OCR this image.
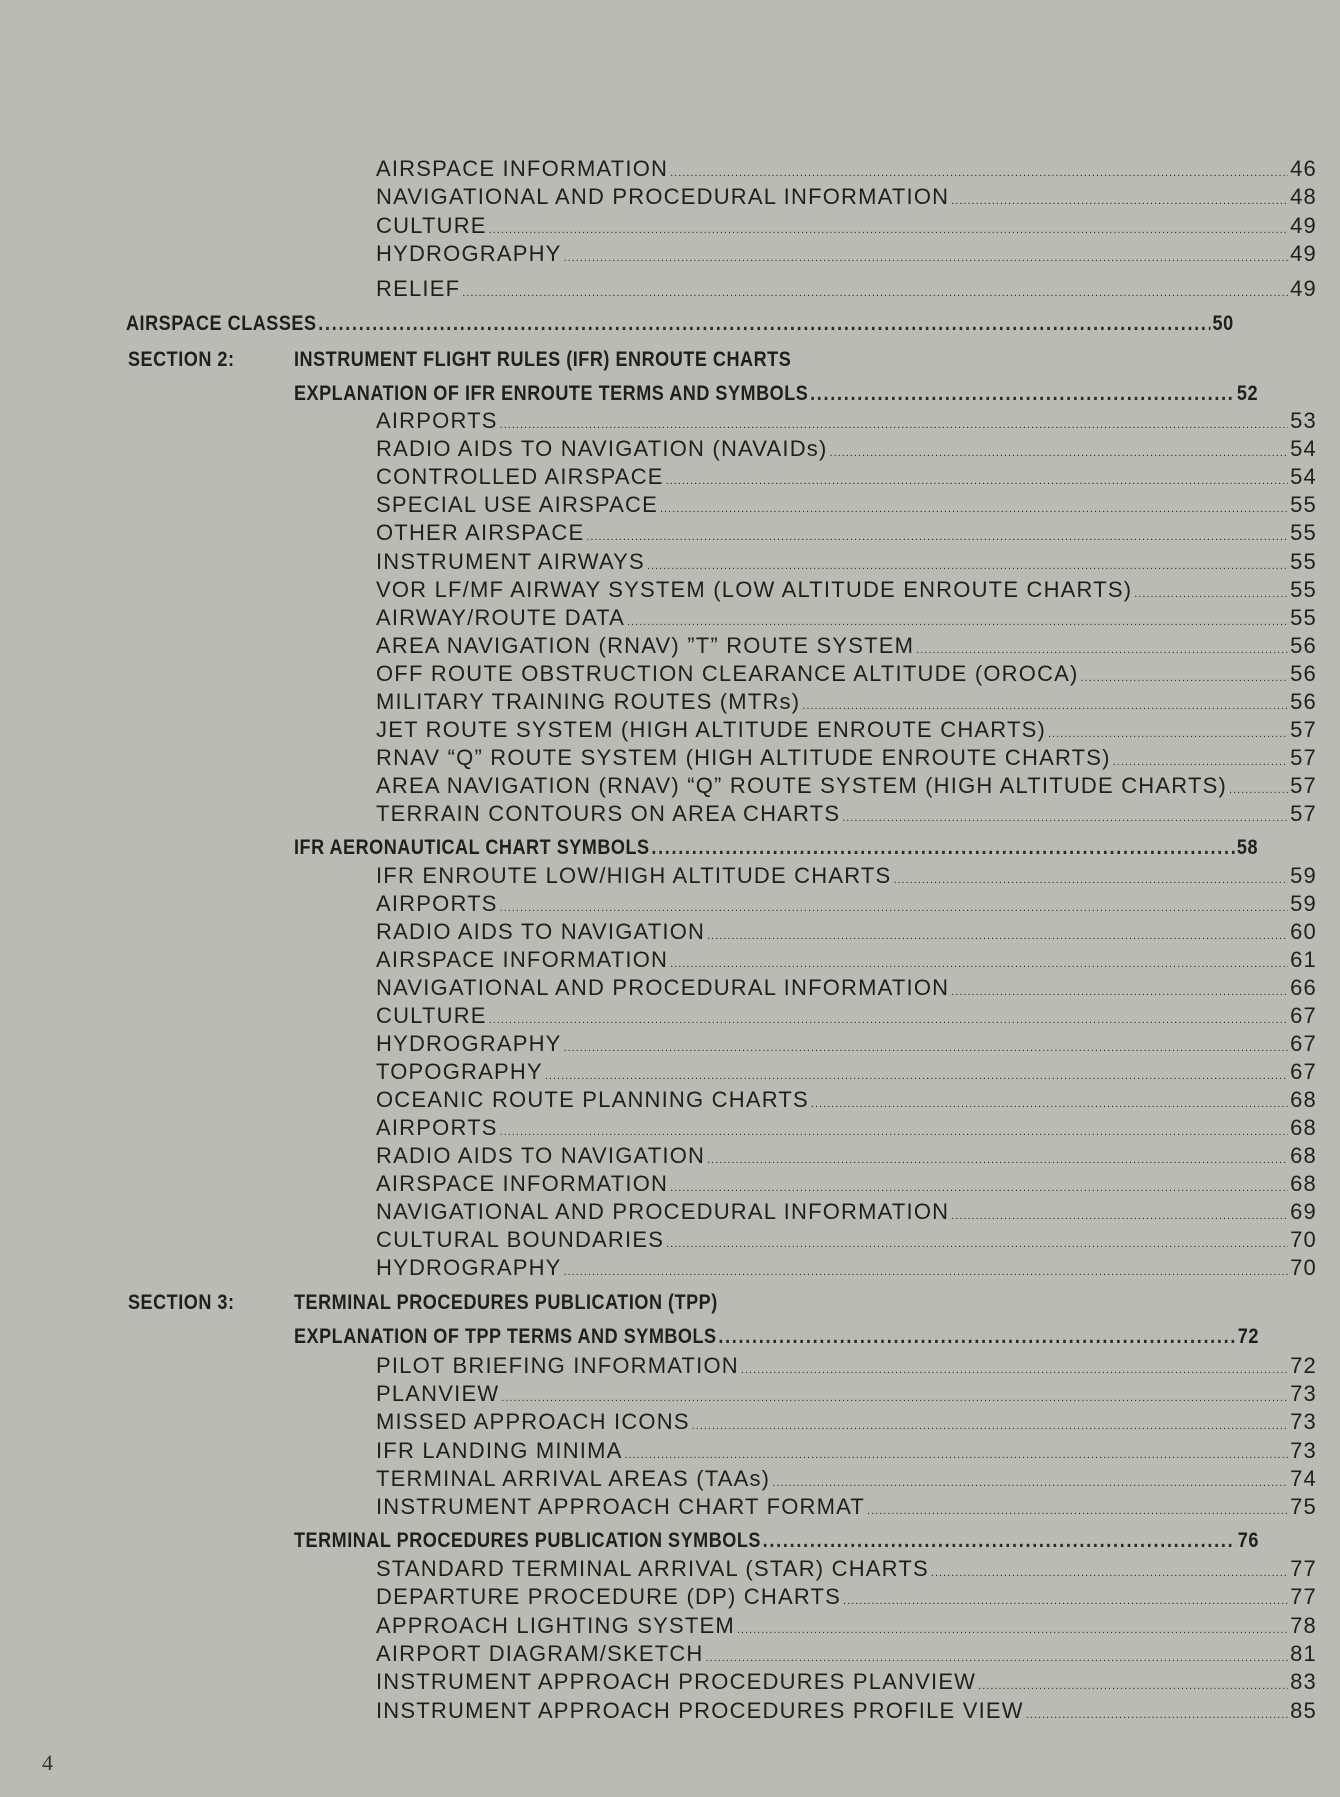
AIRSPACE INFORMATION .....	46
NAVIGATIONAL AND PROCEDURAL INFORMATION .....	48
CULTURE .....	49
HYDROGRAPHY .....	49
RELIEF .....	49
AIRSPACE CLASSES .....	50
SECTION 2:	INSTRUMENT FLIGHT RULES (IFR) ENROUTE CHARTS
EXPLANATION OF IFR ENROUTE TERMS AND SYMBOLS .....	52
AIRPORTS .....	53
RADIO AIDS TO NAVIGATION (NAVAIDs) .....	54
CONTROLLED AIRSPACE .....	54
SPECIAL USE AIRSPACE .....	55
OTHER AIRSPACE .....	55
INSTRUMENT AIRWAYS .....	55
VOR LF/MF AIRWAY SYSTEM (LOW ALTITUDE ENROUTE CHARTS) .....	55
AIRWAY/ROUTE DATA .....	55
AREA NAVIGATION (RNAV) ”T” ROUTE SYSTEM .....	56
OFF ROUTE OBSTRUCTION CLEARANCE ALTITUDE (OROCA) .....	56
MILITARY TRAINING ROUTES (MTRs) .....	56
JET ROUTE SYSTEM (HIGH ALTITUDE ENROUTE CHARTS) .....	57
RNAV “Q” ROUTE SYSTEM (HIGH ALTITUDE ENROUTE CHARTS) .....	57
AREA NAVIGATION (RNAV) “Q” ROUTE SYSTEM (HIGH ALTITUDE CHARTS) .....	57
TERRAIN CONTOURS ON AREA CHARTS .....	57
IFR AERONAUTICAL CHART SYMBOLS .....	58
IFR ENROUTE LOW/HIGH ALTITUDE CHARTS .....	59
AIRPORTS .....	59
RADIO AIDS TO NAVIGATION .....	60
AIRSPACE INFORMATION .....	61
NAVIGATIONAL AND PROCEDURAL INFORMATION .....	66
CULTURE .....	67
HYDROGRAPHY .....	67
TOPOGRAPHY .....	67
OCEANIC ROUTE PLANNING CHARTS .....	68
AIRPORTS .....	68
RADIO AIDS TO NAVIGATION .....	68
AIRSPACE INFORMATION .....	68
NAVIGATIONAL AND PROCEDURAL INFORMATION .....	69
CULTURAL BOUNDARIES .....	70
HYDROGRAPHY .....	70
SECTION 3:	TERMINAL PROCEDURES PUBLICATION (TPP)
EXPLANATION OF TPP TERMS AND SYMBOLS .....	72
PILOT BRIEFING INFORMATION .....	72
PLANVIEW .....	73
MISSED APPROACH ICONS .....	73
IFR LANDING MINIMA .....	73
TERMINAL ARRIVAL AREAS (TAAs) .....	74
INSTRUMENT APPROACH CHART FORMAT .....	75
TERMINAL PROCEDURES PUBLICATION SYMBOLS .....	76
STANDARD TERMINAL ARRIVAL (STAR) CHARTS .....	77
DEPARTURE PROCEDURE (DP) CHARTS .....	77
APPROACH LIGHTING SYSTEM .....	78
AIRPORT DIAGRAM/SKETCH .....	81
INSTRUMENT APPROACH PROCEDURES PLANVIEW .....	83
INSTRUMENT APPROACH PROCEDURES PROFILE VIEW .....	85
4
